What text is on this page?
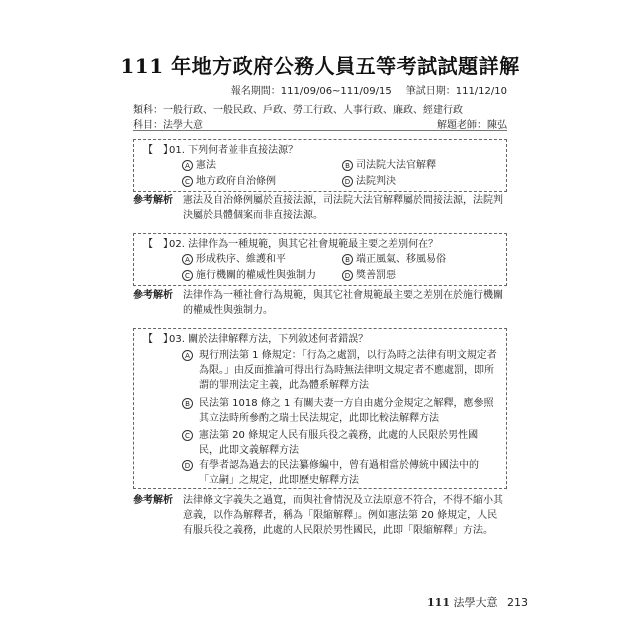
111 年地方政府公務人員五等考試試題詳解
報名期間：111/09/06~111/09/15 筆試日期：111/12/10
類科：一般行政、一般民政、戶政、勞工行政、人事行政、廉政、經建行政
科目：法學大意	解題老師：陳弘
【　】01. 下列何者並非直接法源？
A 憲法	B 司法院大法官解釋
C 地方政府自治條例	D 法院判決
參考解析 憲法及自治條例屬於直接法源，司法院大法官解釋屬於間接法源，法院判決屬於具體個案而非直接法源。
【　】02. 法律作為一種規範，與其它社會規範最主要之差別何在？
A 形成秩序、維護和平	B 端正風氣、移風易俗
C 施行機關的權威性與強制力	D 獎善罰惡
參考解析 法律作為一種社會行為規範，與其它社會規範最主要之差別在於施行機關的權威性與強制力。
【　】03. 關於法律解釋方法，下列敘述何者錯誤？
A 現行刑法第 1 條規定：「行為之處罰，以行為時之法律有明文規定者為限。」由反面推論可得出行為時無法律明文規定者不應處罰，即所謂的罪刑法定主義，此為體系解釋方法
B 民法第 1018 條之 1 有關夫妻一方自由處分金規定之解釋，應參照其立法時所參酌之瑞士民法規定，此即比較法解釋方法
C 憲法第 20 條規定人民有服兵役之義務，此處的人民限於男性國民，此即文義解釋方法
D 有學者認為過去的民法纂修編中，曾有過相當於傳統中國法中的「立嗣」之規定，此即歷史解釋方法
參考解析 法律條文字義失之過寬，而與社會情況及立法原意不符合，不得不縮小其意義，以作為解釋者，稱為「限縮解釋」。例如憲法第 20 條規定，人民有服兵役之義務，此處的人民限於男性國民，此即「限縮解釋」方法。
111 法學大意 213
